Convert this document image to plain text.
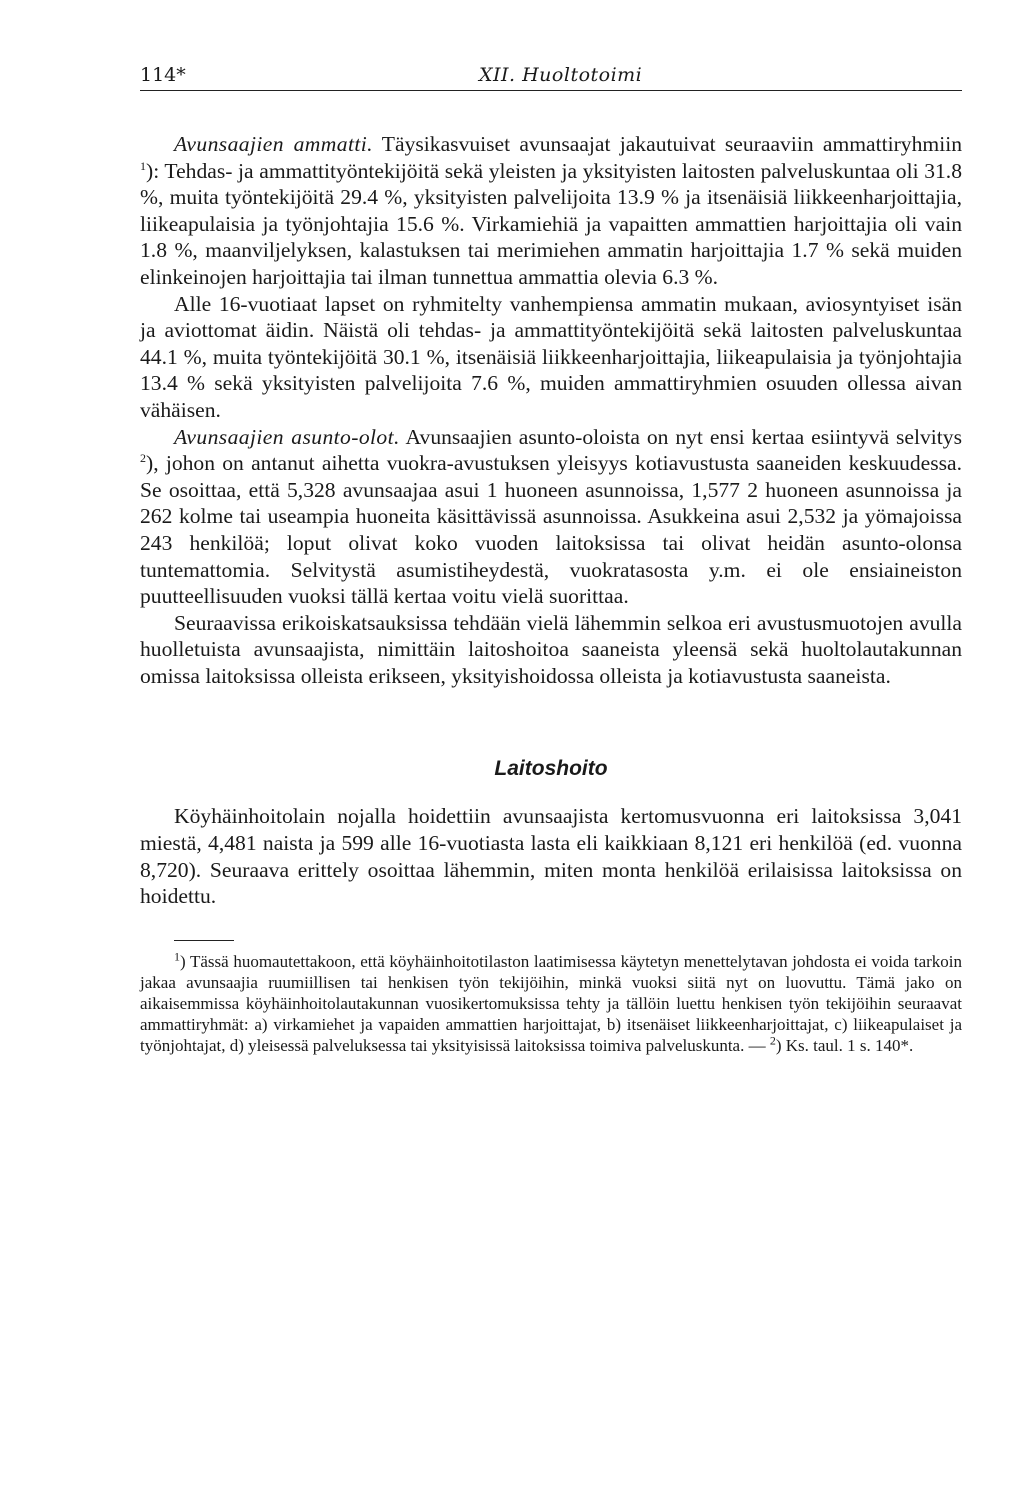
114*	XII. Huoltotoimi

Avunsaajien ammatti. Täysikasvuiset avunsaajat jakautuivat seuraaviin ammattiryhmiin $^1$): Tehdas- ja ammattityöntekijöitä sekä yleisten ja yksityisten laitosten palveluskuntaa oli 31.8 %, muita työntekijöitä 29.4 %, yksityisten palvelijoita 13.9 % ja itsenäisiä liikkeenharjoittajia, liikeapulaisia ja työnjohtajia 15.6 %. Virkamiehiä ja vapaitten ammattien harjoittajia oli vain 1.8 %, maanviljelyksen, kalastuksen tai merimiehen ammatin harjoittajia 1.7 % sekä muiden elinkeinojen harjoittajia tai ilman tunnettua ammattia olevia 6.3 %.

Alle 16-vuotiaat lapset on ryhmitelty vanhempiensa ammatin mukaan, aviosyntyiset isän ja aviottomat äidin. Näistä oli tehdas- ja ammattityöntekijöitä sekä laitosten palveluskuntaa 44.1 %, muita työntekijöitä 30.1 %, itsenäisiä liikkeenharjoittajia, liikeapulaisia ja työnjohtajia 13.4 % sekä yksityisten palvelijoita 7.6 %, muiden ammattiryhmien osuuden ollessa aivan vähäisen.

Avunsaajien asunto-olot. Avunsaajien asunto-oloista on nyt ensi kertaa esiintyvä selvitys $^2$), johon on antanut aihetta vuokra-avustuksen yleisyys kotiavustusta saaneiden keskuudessa. Se osoittaa, että 5,328 avunsaajaa asui 1 huoneen asunnoissa, 1,577 2 huoneen asunnoissa ja 262 kolme tai useampia huoneita käsittävissä asunnoissa. Asukkeina asui 2,532 ja yömajoissa 243 henkilöä; loput olivat koko vuoden laitoksissa tai olivat heidän asunto-olonsa tuntemattomia. Selvitystä asumistiheydestä, vuokratasosta y.m. ei ole ensiaineiston puutteellisuuden vuoksi tällä kertaa voitu vielä suorittaa.

Seuraavissa erikoiskatsauksissa tehdään vielä lähemmin selkoa eri avustusmuotojen avulla huolletuista avunsaajista, nimittäin laitoshoitoa saaneista yleensä sekä huoltolautakunnan omissa laitoksissa olleista erikseen, yksityishoidossa olleista ja kotiavustusta saaneista.

Laitoshoito

Köyhäinhoitolain nojalla hoidettiin avunsaajista kertomusvuonna eri laitoksissa 3,041 miestä, 4,481 naista ja 599 alle 16-vuotiasta lasta eli kaikkiaan 8,121 eri henkilöä (ed. vuonna 8,720). Seuraava erittely osoittaa lähemmin, miten monta henkilöä erilaisissa laitoksissa on hoidettu.

$^1$) Tässä huomautettakoon, että köyhäinhoitotilaston laatimisessa käytetyn menettelytavan johdosta ei voida tarkoin jakaa avunsaajia ruumiillisen tai henkisen työn tekijöihin, minkä vuoksi siitä nyt on luovuttu. Tämä jako on aikaisemmissa köyhäinhoitolautakunnan vuosikertomuksissa tehty ja tällöin luettu henkisen työn tekijöihin seuraavat ammattiryhmät: a) virkamiehet ja vapaiden ammattien harjoittajat, b) itsenäiset liikkeenharjoittajat, c) liikeapulaiset ja työnjohtajat, d) yleisessä palveluksessa tai yksityisissä laitoksissa toimiva palveluskunta. — $^2$) Ks. taul. 1 s. 140*.
